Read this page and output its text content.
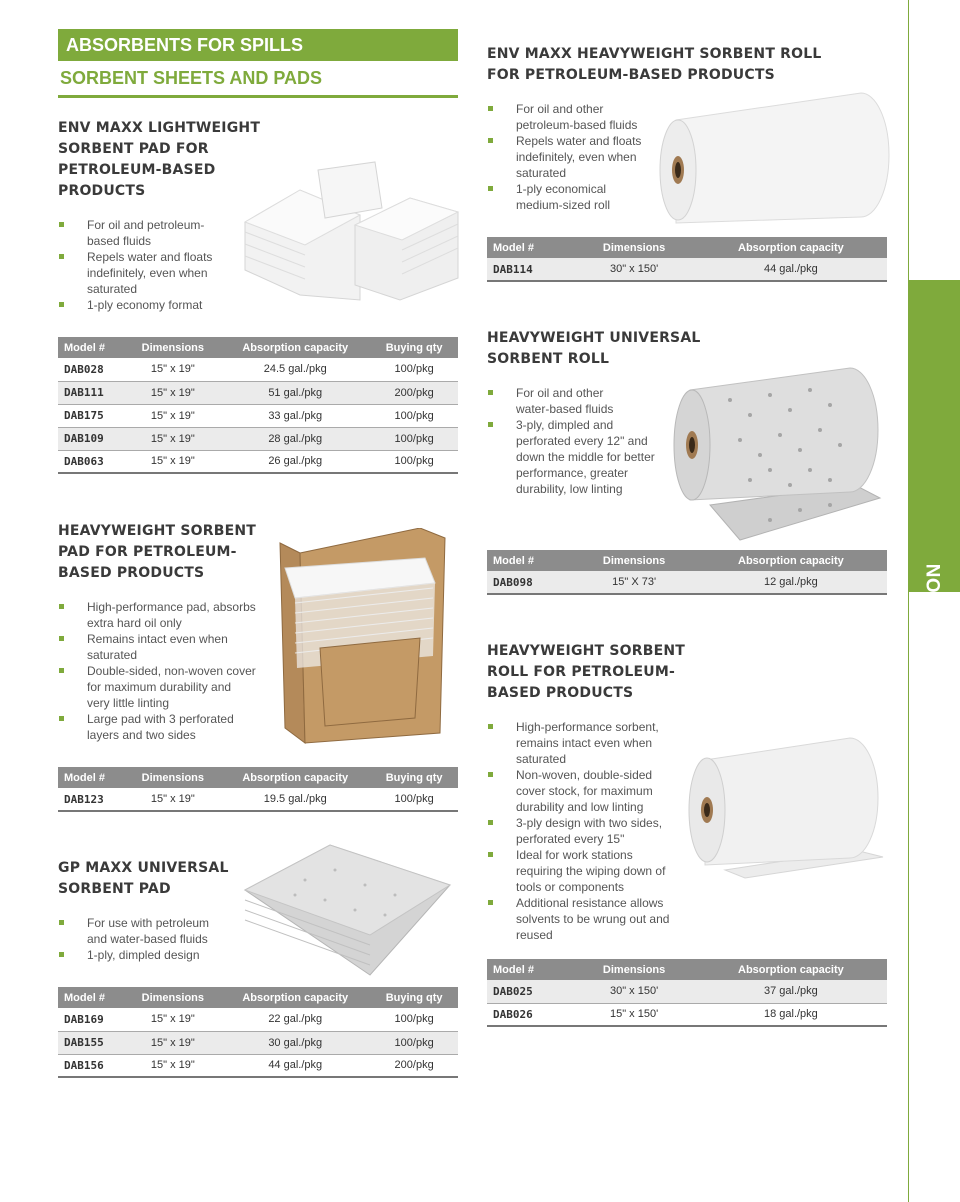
ENVIRONMENTAL PROTECTION
ABSORBENTS FOR SPILLS
SORBENT SHEETS AND PADS
ENV MAXX LIGHTWEIGHT
SORBENT PAD FOR
PETROLEUM-BASED
PRODUCTS
For oil and petroleum-
based fluids
Repels water and floats
indefinitely, even when
saturated
1-ply economy format
Model #	Dimensions	Absorption capacity	Buying qty
DAB028	15" x 19"	24.5 gal./pkg	100/pkg
DAB111	15" x 19"	51 gal./pkg	200/pkg
DAB175	15" x 19"	33 gal./pkg	100/pkg
DAB109	15" x 19"	28 gal./pkg	100/pkg
DAB063	15" x 19"	26 gal./pkg	100/pkg
HEAVYWEIGHT SORBENT
PAD FOR PETROLEUM-
BASED PRODUCTS
High-performance pad, absorbs
extra hard oil only
Remains intact even when
saturated
Double-sided, non-woven cover
for maximum durability and
very little linting
Large pad with 3 perforated
layers and two sides
Model #	Dimensions	Absorption capacity	Buying qty
DAB123	15" x 19"	19.5 gal./pkg	100/pkg
GP MAXX UNIVERSAL
SORBENT PAD
For use with petroleum
and water-based fluids
1-ply, dimpled design
Model #	Dimensions	Absorption capacity	Buying qty
DAB169	15" x 19"	22 gal./pkg	100/pkg
DAB155	15" x 19"	30 gal./pkg	100/pkg
DAB156	15" x 19"	44 gal./pkg	200/pkg
ENV MAXX HEAVYWEIGHT SORBENT ROLL
FOR PETROLEUM-BASED PRODUCTS
For oil and other
petroleum-based fluids
Repels water and floats
indefinitely, even when
saturated
1-ply economical
medium-sized roll
Model #	Dimensions	Absorption capacity
DAB114	30" x 150'	44 gal./pkg
HEAVYWEIGHT UNIVERSAL
SORBENT ROLL
For oil and other
water-based fluids
3-ply, dimpled and
perforated every 12" and
down the middle for better
performance, greater
durability, low linting
Model #	Dimensions	Absorption capacity
DAB098	15" X 73'	12 gal./pkg
HEAVYWEIGHT SORBENT
ROLL FOR PETROLEUM-
BASED PRODUCTS
High-performance sorbent,
remains intact even when
saturated
Non-woven, double-sided
cover stock, for maximum
durability and low linting
3-ply design with two sides,
perforated every 15"
Ideal for work stations
requiring the wiping down of
tools or components
Additional resistance allows
solvents to be wrung out and
reused
Model #	Dimensions	Absorption capacity
DAB025	30" x 150'	37 gal./pkg
DAB026	15" x 150'	18 gal./pkg
